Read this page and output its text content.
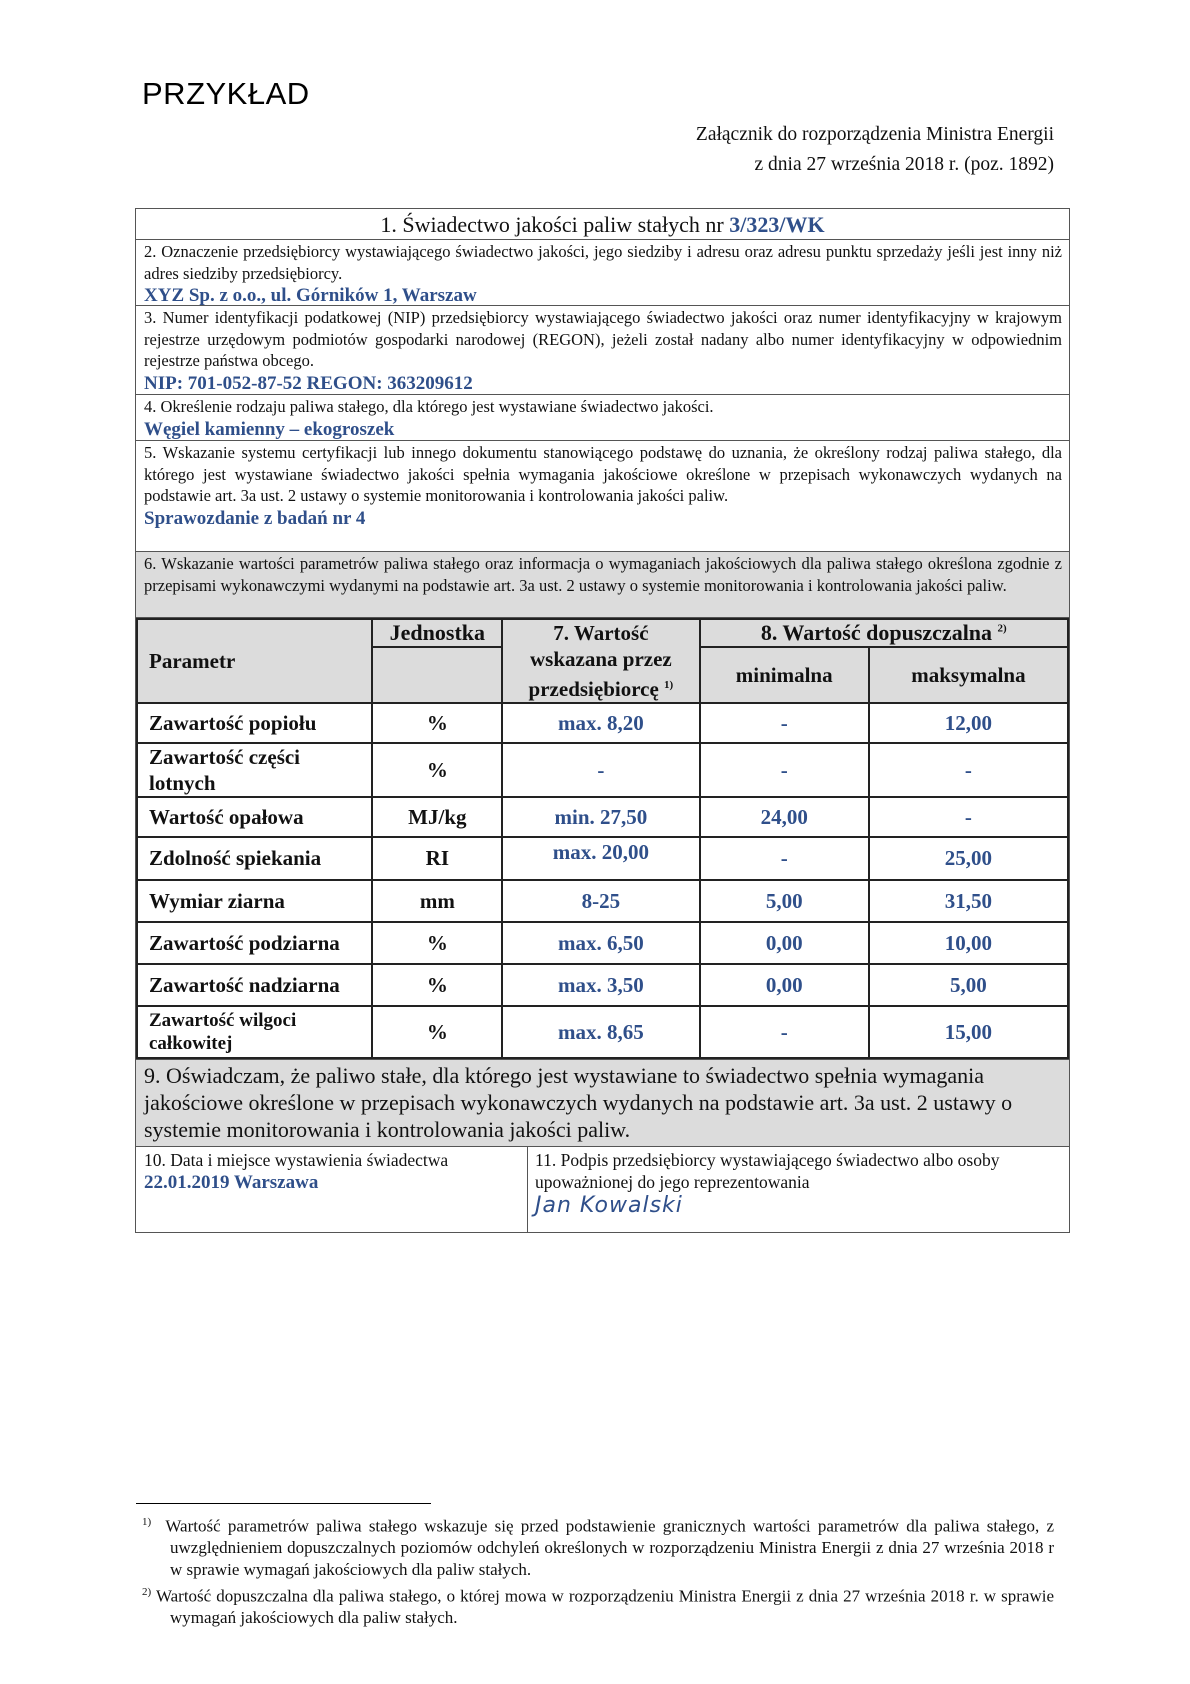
PRZYKŁAD
Załącznik do rozporządzenia Ministra Energii
z dnia 27 września 2018 r. (poz. 1892)
1. Świadectwo jakości paliw stałych nr 3/323/WK
2. Oznaczenie przedsiębiorcy wystawiającego świadectwo jakości, jego siedziby i adresu oraz adresu punktu sprzedaży jeśli jest inny niż adres siedziby przedsiębiorcy.
XYZ Sp. z o.o., ul. Górników 1, Warszaw
3. Numer identyfikacji podatkowej (NIP) przedsiębiorcy wystawiającego świadectwo jakości oraz numer identyfikacyjny w krajowym rejestrze urzędowym podmiotów gospodarki narodowej (REGON), jeżeli został nadany albo numer identyfikacyjny w odpowiednim rejestrze państwa obcego.
NIP: 701-052-87-52 REGON: 363209612
4. Określenie rodzaju paliwa stałego, dla którego jest wystawiane świadectwo jakości.
Węgiel kamienny – ekogroszek
5. Wskazanie systemu certyfikacji lub innego dokumentu stanowiącego podstawę do uznania, że określony rodzaj paliwa stałego, dla którego jest wystawiane świadectwo jakości spełnia wymagania jakościowe określone w przepisach wykonawczych wydanych na podstawie art. 3a ust. 2 ustawy o systemie monitorowania i kontrolowania jakości paliw.
Sprawozdanie z badań nr 4
6. Wskazanie wartości parametrów paliwa stałego oraz informacja o wymaganiach jakościowych dla paliwa stałego określona zgodnie z przepisami wykonawczymi wydanymi na podstawie art. 3a ust. 2 ustawy o systemie monitorowania i kontrolowania jakości paliw.
Parametr	Jednostka	7. Wartość wskazana przez przedsiębiorcę $^{1)}$	8. Wartość dopuszczalna $^{2)}$
			minimalna	maksymalna
Zawartość popiołu	%	max. 8,20	-	12,00
Zawartość części lotnych	%	-	-	-
Wartość opałowa	MJ/kg	min. 27,50	24,00	-
Zdolność spiekania	RI	max. 20,00	-	25,00
Wymiar ziarna	mm	8-25	5,00	31,50
Zawartość podziarna	%	max. 6,50	0,00	10,00
Zawartość nadziarna	%	max. 3,50	0,00	5,00
Zawartość wilgoci całkowitej	%	max. 8,65	-	15,00
9. Oświadczam, że paliwo stałe, dla którego jest wystawiane to świadectwo spełnia wymagania jakościowe określone w przepisach wykonawczych wydanych na podstawie art. 3a ust. 2 ustawy o systemie monitorowania i kontrolowania jakości paliw.
10. Data i miejsce wystawienia świadectwa
22.01.2019 Warszawa
11. Podpis przedsiębiorcy wystawiającego świadectwo albo osoby upoważnionej do jego reprezentowania
Jan Kowalski
$^{1)}$ Wartość parametrów paliwa stałego wskazuje się przed podstawienie granicznych wartości parametrów dla paliwa stałego, z uwzględnieniem dopuszczalnych poziomów odchyleń określonych w rozporządzeniu Ministra Energii z dnia 27 września 2018 r w sprawie wymagań jakościowych dla paliw stałych.
$^{2)}$ Wartość dopuszczalna dla paliwa stałego, o której mowa w rozporządzeniu Ministra Energii z dnia 27 września 2018 r. w sprawie wymagań jakościowych dla paliw stałych.
